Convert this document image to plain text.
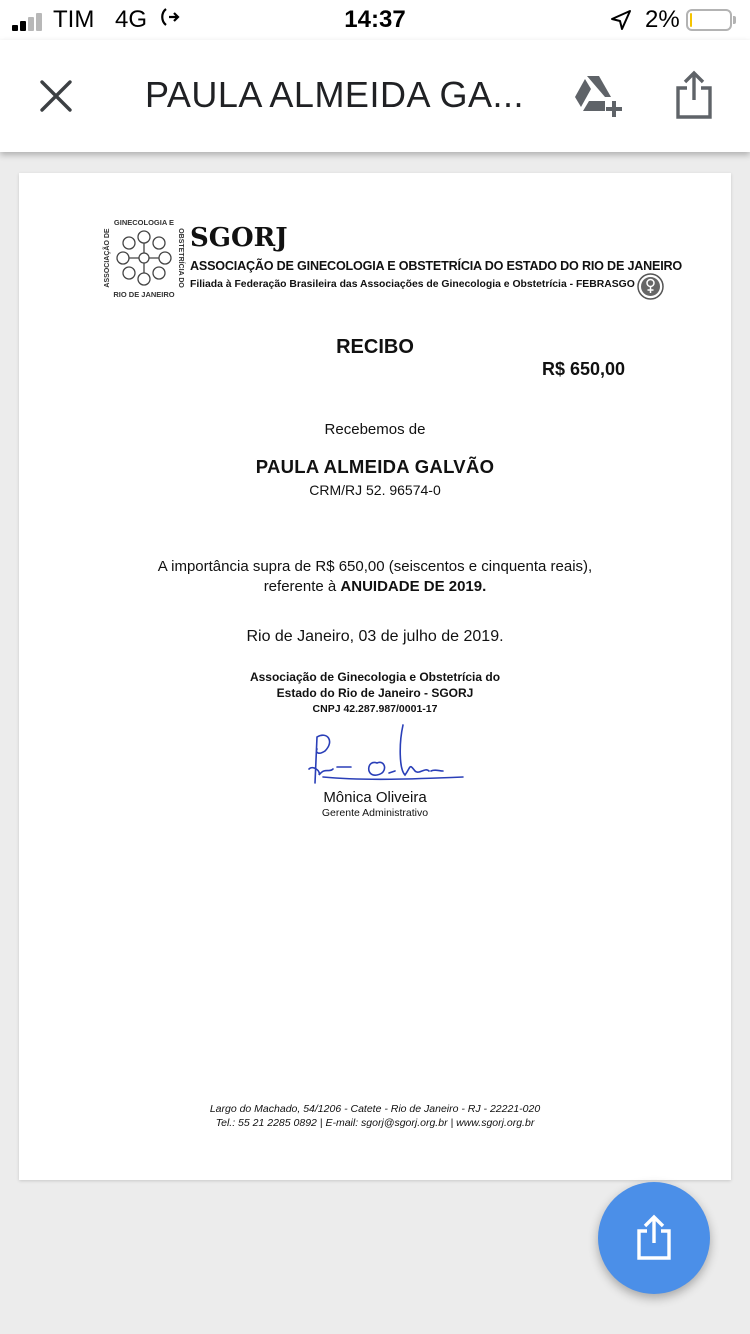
TIM 4G	14:37	2%
PAULA ALMEIDA GA...
GINECOLOGIA E
RIO DE JANEIRO
ASSOCIAÇÃO DE	OBSTETRÍCIA DO SGORJ
ASSOCIAÇÃO DE GINECOLOGIA E OBSTETRÍCIA DO ESTADO DO RIO DE JANEIRO
Filiada à Federação Brasileira das Associações de Ginecologia e Obstetrícia - FEBRASGO
RECIBO
R$ 650,00
Recebemos de
PAULA ALMEIDA GALVÃO
CRM/RJ 52. 96574-0
A importância supra de R$ 650,00 (seiscentos e cinquenta reais),
referente à ANUIDADE DE 2019.
Rio de Janeiro, 03 de julho de 2019.
Associação de Ginecologia e Obstetrícia do
Estado do Rio de Janeiro - SGORJ
CNPJ 42.287.987/0001-17
Mônica Oliveira
Gerente Administrativo
Largo do Machado, 54/1206 - Catete - Rio de Janeiro - RJ - 22221-020
Tel.: 55 21 2285 0892 | E-mail: sgorj@sgorj.org.br | www.sgorj.org.br
